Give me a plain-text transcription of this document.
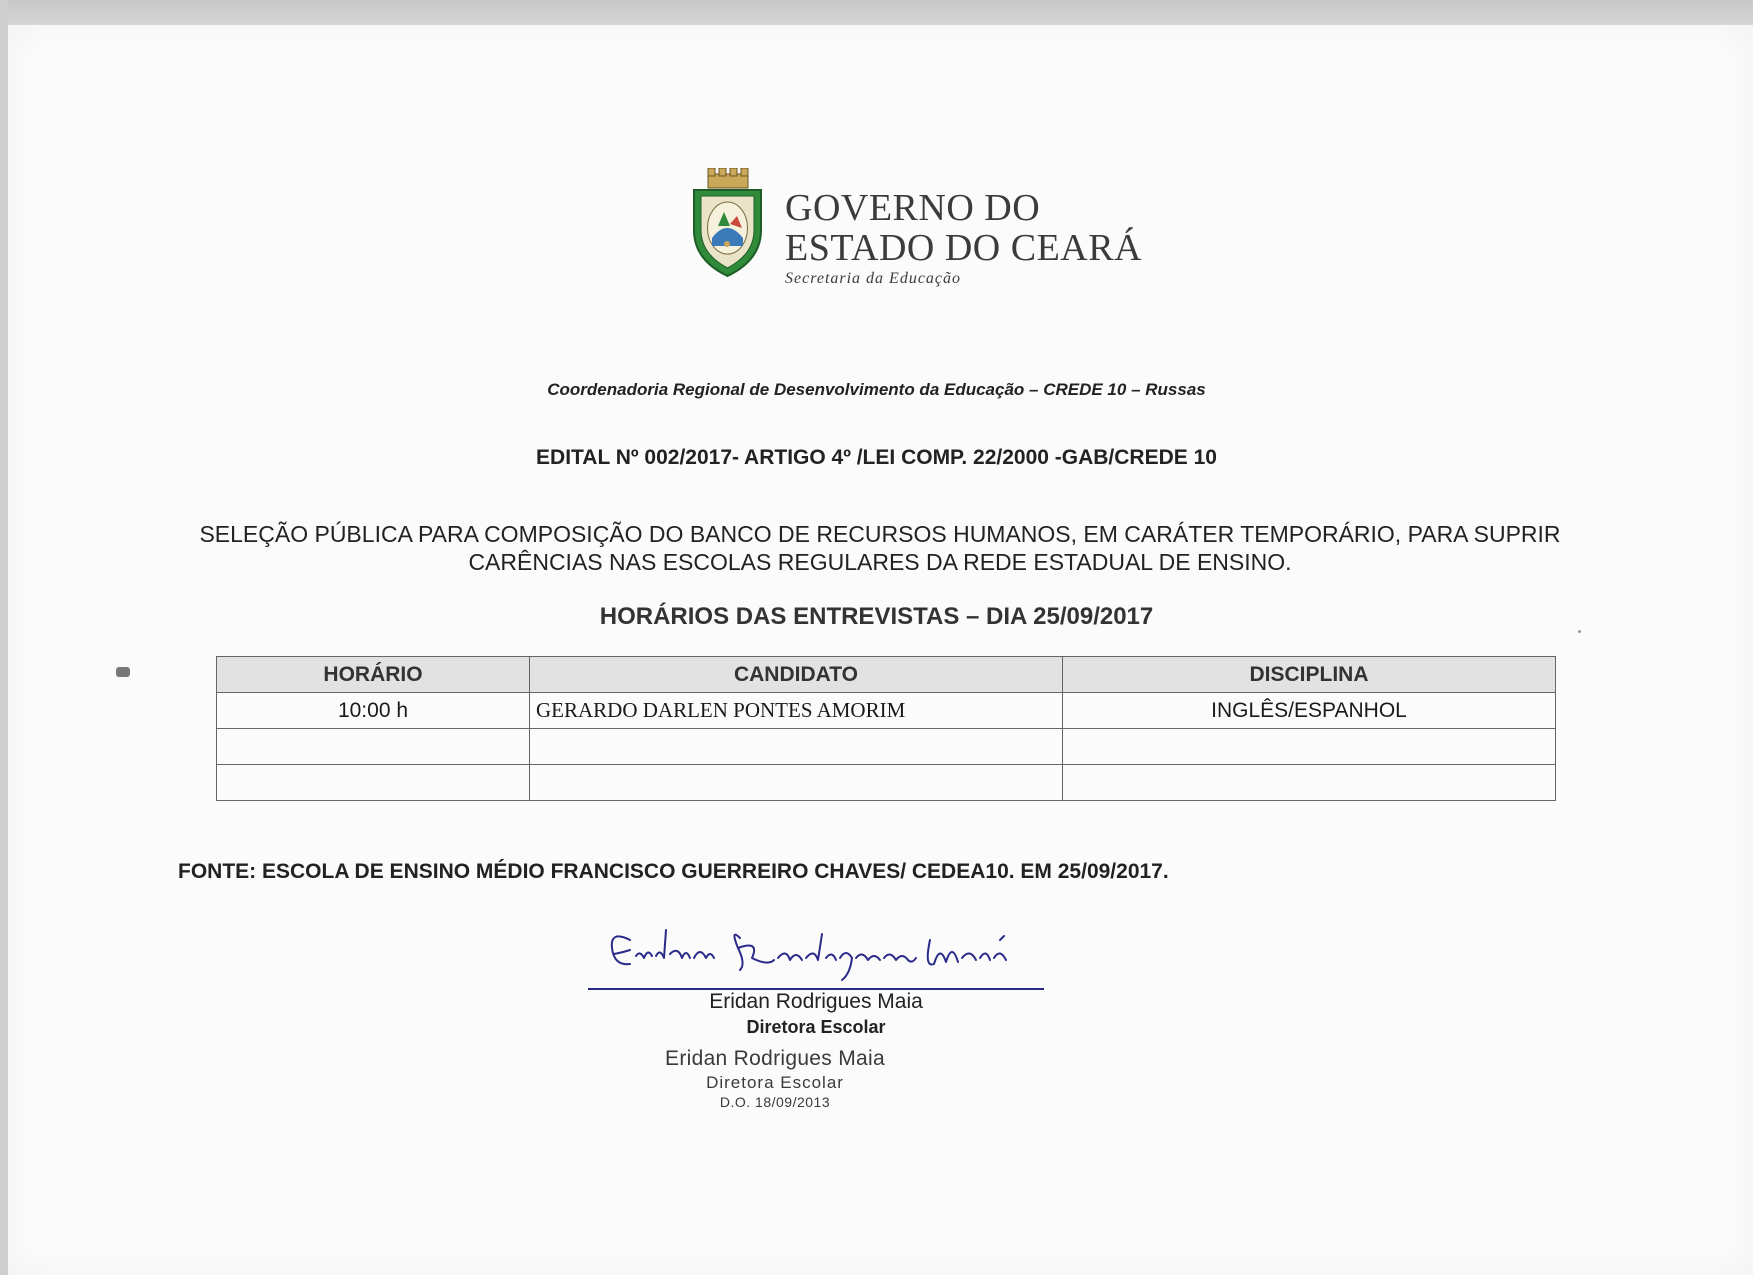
GOVERNO DO
ESTADO DO CEARÁ
Secretaria da Educação
Coordenadoria Regional de Desenvolvimento da Educação – CREDE 10 – Russas
EDITAL Nº 002/2017- ARTIGO 4º /LEI COMP. 22/2000 -GAB/CREDE 10
SELEÇÃO PÚBLICA PARA COMPOSIÇÃO DO BANCO DE RECURSOS HUMANOS, EM CARÁTER TEMPORÁRIO, PARA SUPRIR CARÊNCIAS NAS ESCOLAS REGULARES DA REDE ESTADUAL DE ENSINO.
HORÁRIOS DAS ENTREVISTAS – DIA 25/09/2017
HORÁRIO	CANDIDATO	DISCIPLINA
10:00 h	GERARDO DARLEN PONTES AMORIM	INGLÊS/ESPANHOL

FONTE: ESCOLA DE ENSINO MÉDIO FRANCISCO GUERREIRO CHAVES/ CEDEA10. EM 25/09/2017.
Eridan Rodrigues Maia
Diretora Escolar
Eridan Rodrigues Maia
Diretora Escolar
D.O. 18/09/2013
